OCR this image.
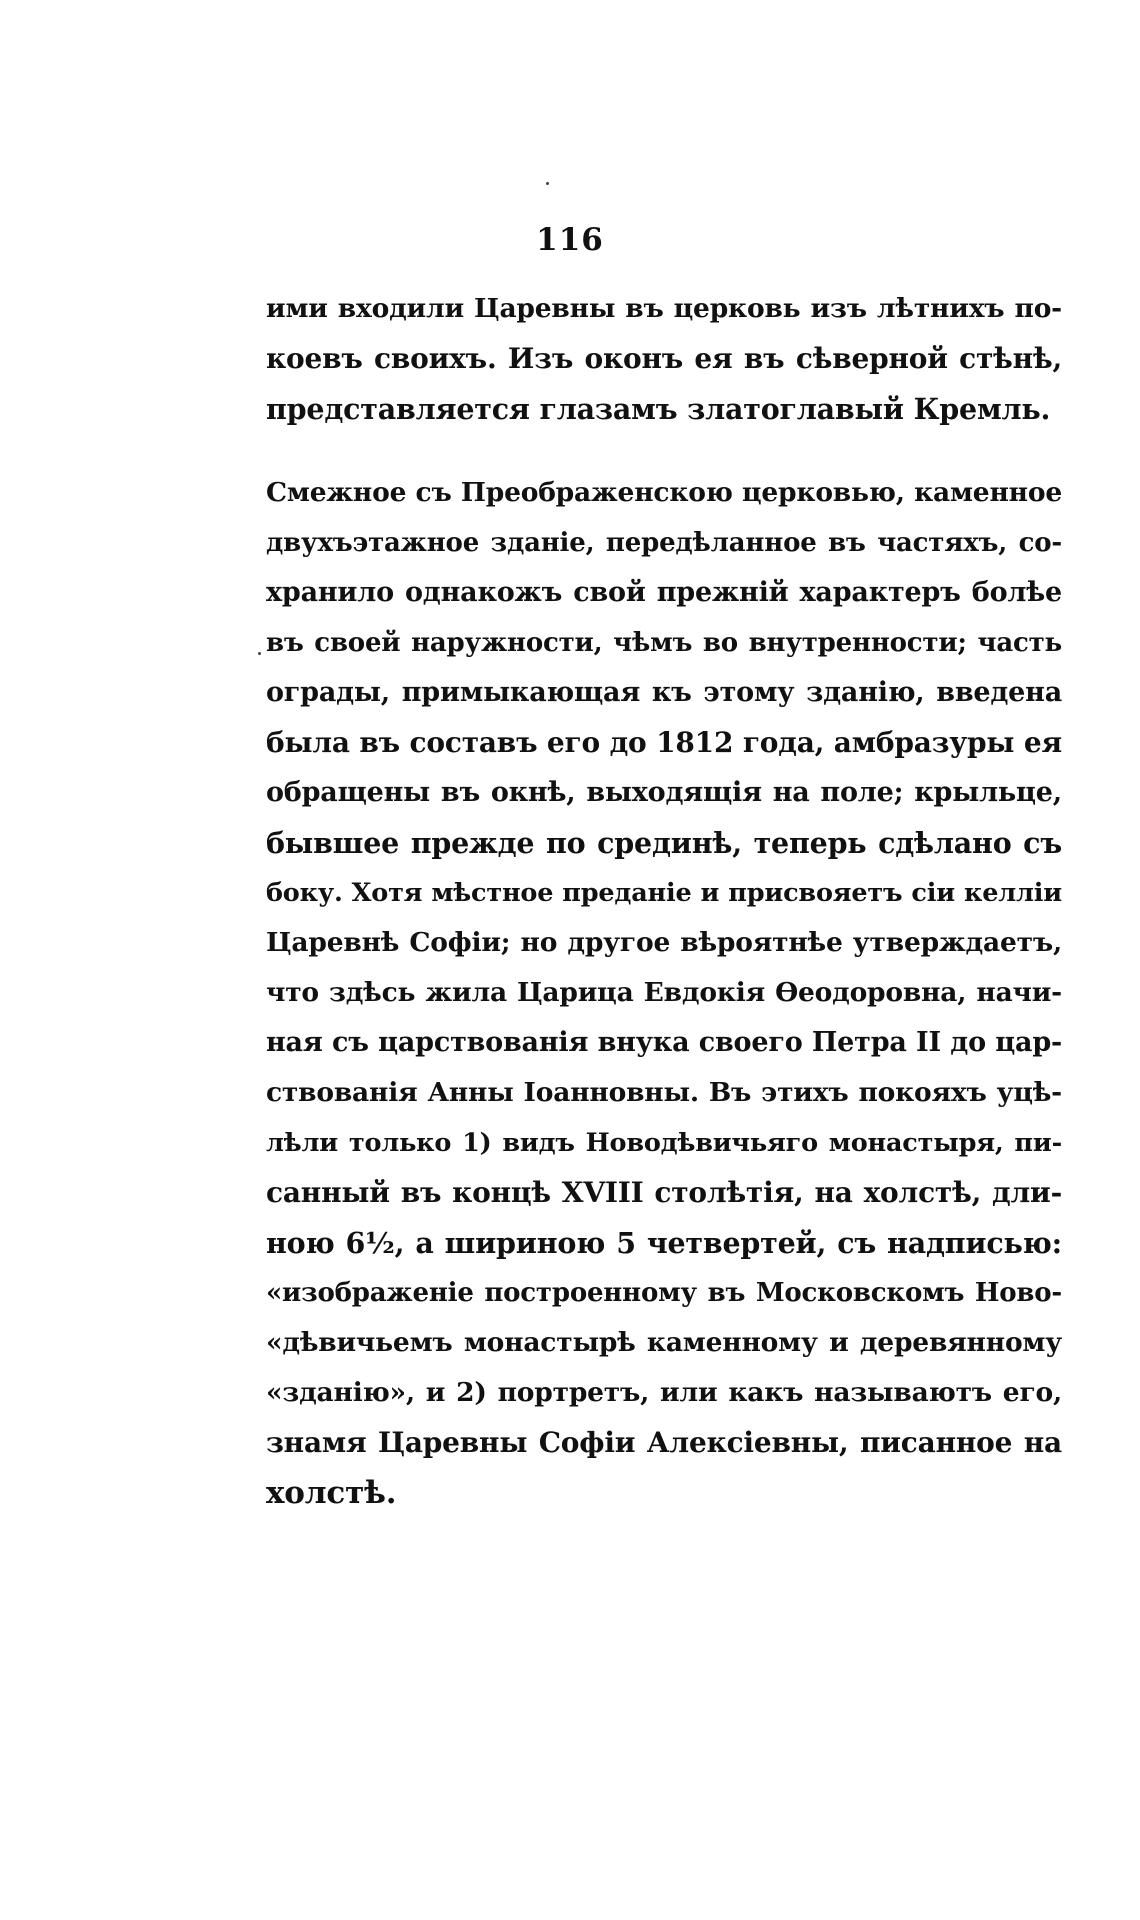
116
ими входили Царевны въ церковь изъ лѣтнихъ по-
коевъ своихъ. Изъ оконъ ея въ сѣверной стѣнѣ,
представляется глазамъ златоглавый Кремль.
Смежное съ Преображенскою церковью, каменное
двухъэтажное зданіе, передѣланное въ частяхъ, со-
хранило однакожъ свой прежній характеръ болѣе
въ своей наружности, чѣмъ во внутренности; часть
ограды, примыкающая къ этому зданію, введена
была въ составъ его до 1812 года, амбразуры ея
обращены въ окнѣ, выходящія на поле; крыльце,
бывшее прежде по срединѣ, теперь сдѣлано съ
боку. Хотя мѣстное преданіе и присвояетъ сіи келліи
Царевнѣ Софіи; но другое вѣроятнѣе утверждаетъ,
что здѣсь жила Царица Евдокія Ѳеодоровна, начи-
ная съ царствованія внука своего Петра II до цар-
ствованія Анны Іоанновны. Въ этихъ покояхъ уцѣ-
лѣли только 1) видъ Новодѣвичьяго монастыря, пи-
санный въ концѣ XVIII столѣтія, на холстѣ, дли-
ною 6½, а шириною 5 четвертей, съ надписью:
«изображеніе построенному въ Московскомъ Ново-
«дѣвичьемъ монастырѣ каменному и деревянному
«зданію», и 2) портретъ, или какъ называютъ его,
знамя Царевны Софіи Алексіевны, писанное на
холстѣ.
